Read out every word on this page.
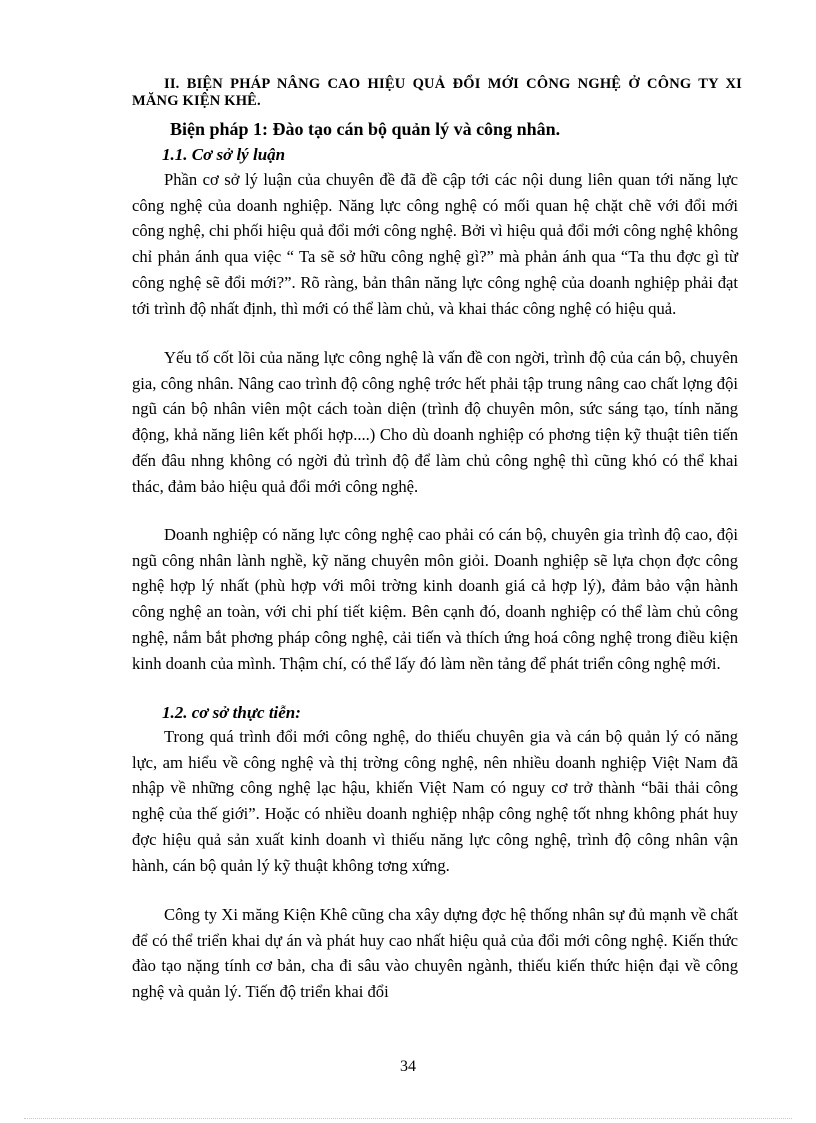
II. BIỆN PHÁP NÂNG CAO HIỆU QUẢ ĐỔI MỚI CÔNG NGHỆ Ở CÔNG TY XI MĂNG KIỆN KHÊ.
Biện pháp 1: Đào tạo cán bộ quản lý và công nhân.
1.1. Cơ sở lý luận

Phần cơ sở lý luận của chuyên đề đã đề cập tới các nội dung liên quan tới năng lực công nghệ của doanh nghiệp. Năng lực công nghệ có mối quan hệ chặt chẽ với đổi mới công nghệ, chi phối hiệu quả đổi mới công nghệ. Bởi vì hiệu quả đổi mới công nghệ không chỉ phản ánh qua việc “ Ta sẽ sở hữu công nghệ gì?” mà phản ánh qua “Ta thu đợc gì từ công nghệ sẽ đổi mới?”. Rõ ràng, bản thân năng lực công nghệ của doanh nghiệp phải đạt tới trình độ nhất định, thì mới có thể làm chủ, và khai thác công nghệ có hiệu quả.

Yếu tố cốt lõi của năng lực công nghệ là vấn đề con ngời, trình độ của cán bộ, chuyên gia, công nhân. Nâng cao trình độ công nghệ trớc hết phải tập trung nâng cao chất lợng đội ngũ cán bộ nhân viên một cách toàn diện (trình độ chuyên môn, sức sáng tạo, tính năng động, khả năng liên kết phối hợp....) Cho dù doanh nghiệp có phơng tiện kỹ thuật tiên tiến đến đâu nhng không có ngời đủ trình độ để làm chủ công nghệ thì cũng khó có thể khai thác, đảm bảo hiệu quả đổi mới công nghệ.

Doanh nghiệp có năng lực công nghệ cao phải có cán bộ, chuyên gia trình độ cao, đội ngũ công nhân lành nghề, kỹ năng chuyên môn giỏi. Doanh nghiệp sẽ lựa chọn đợc công nghệ hợp lý nhất (phù hợp với môi trờng kinh doanh giá cả hợp lý), đảm bảo vận hành công nghệ an toàn, với chi phí tiết kiệm. Bên cạnh đó, doanh nghiệp có thể làm chủ công nghệ, nắm bắt phơng pháp công nghệ, cải tiến và thích ứng hoá công nghệ trong điều kiện kinh doanh của mình. Thậm chí, có thể lấy đó làm nền tảng để phát triển công nghệ mới.

1.2. cơ sở thực tiễn:

Trong quá trình đổi mới công nghệ, do thiếu chuyên gia và cán bộ quản lý có năng lực, am hiểu về công nghệ và thị trờng công nghệ, nên nhiều doanh nghiệp Việt Nam đã nhập về những công nghệ lạc hậu, khiến Việt Nam có nguy cơ trở thành “bãi thải công nghệ của thế giới”. Hoặc có nhiều doanh nghiệp nhập công nghệ tốt nhng không phát huy đợc hiệu quả sản xuất kinh doanh vì thiếu năng lực công nghệ, trình độ công nhân vận hành, cán bộ quản lý kỹ thuật không tơng xứng.

Công ty Xi măng Kiện Khê cũng cha xây dựng đợc hệ thống nhân sự đủ mạnh về chất để có thể triển khai dự án và phát huy cao nhất hiệu quả của đổi mới công nghệ. Kiến thức đào tạo nặng tính cơ bản, cha đi sâu vào chuyên ngành, thiếu kiến thức hiện đại về công nghệ và quản lý. Tiến độ triển khai đổi

34
